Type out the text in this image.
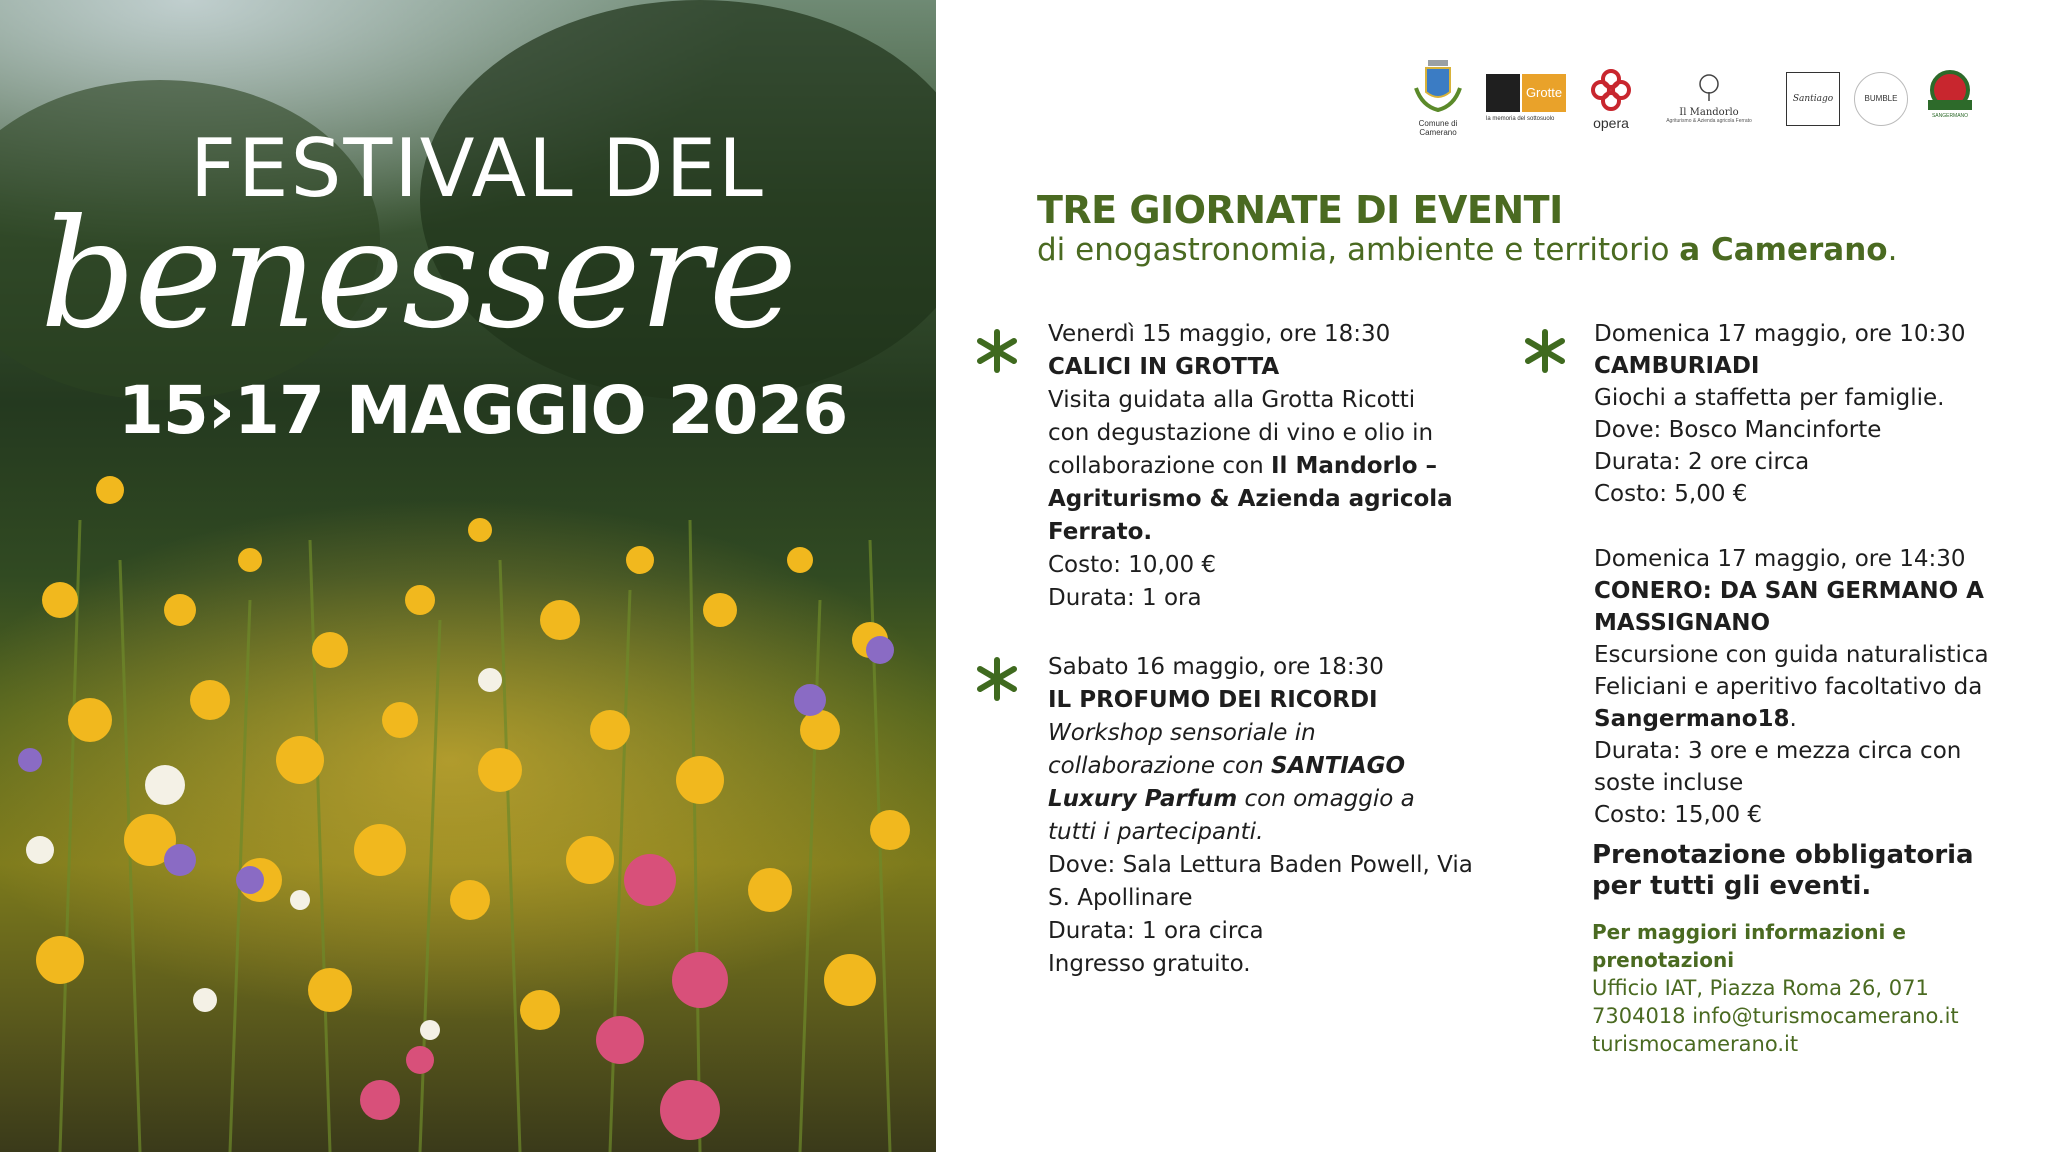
FESTIVAL DEL
benessere
15›17 MAGGIO 2026
Comune di
Camerano
Grotte
la memoria del sottosuolo	opera
Il Mandorlo
Agriturismo & Azienda agricola Ferrato
Santiago	BUMBLE
SANGERMANO
TRE GIORNATE DI EVENTI
di enogastronomia, ambiente e territorio a Camerano.
Venerdì 15 maggio, ore 18:30
CALICI IN GROTTA
Visita guidata alla Grotta Ricotti
con degustazione di vino e olio in
collaborazione con Il Mandorlo –
Agriturismo & Azienda agricola
Ferrato.
Costo: 10,00 €
Durata: 1 ora
Sabato 16 maggio, ore 18:30
IL PROFUMO DEI RICORDI
Workshop sensoriale in
collaborazione con SANTIAGO
Luxury Parfum con omaggio a
tutti i partecipanti.
Dove: Sala Lettura Baden Powell, Via
S. Apollinare
Durata: 1 ora circa
Ingresso gratuito.
Domenica 17 maggio, ore 10:30
CAMBURIADI
Giochi a staffetta per famiglie.
Dove: Bosco Mancinforte
Durata: 2 ore circa
Costo: 5,00 €
Domenica 17 maggio, ore 14:30
CONERO: DA SAN GERMANO A
MASSIGNANO
Escursione con guida naturalistica
Feliciani e aperitivo facoltativo da
Sangermano18.
Durata: 3 ore e mezza circa con
soste incluse
Costo: 15,00 €
Prenotazione obbligatoria
per tutti gli eventi.
Per maggiori informazioni e
prenotazioni
Ufficio IAT, Piazza Roma 26, 071
7304018 info@turismocamerano.it
turismocamerano.it
